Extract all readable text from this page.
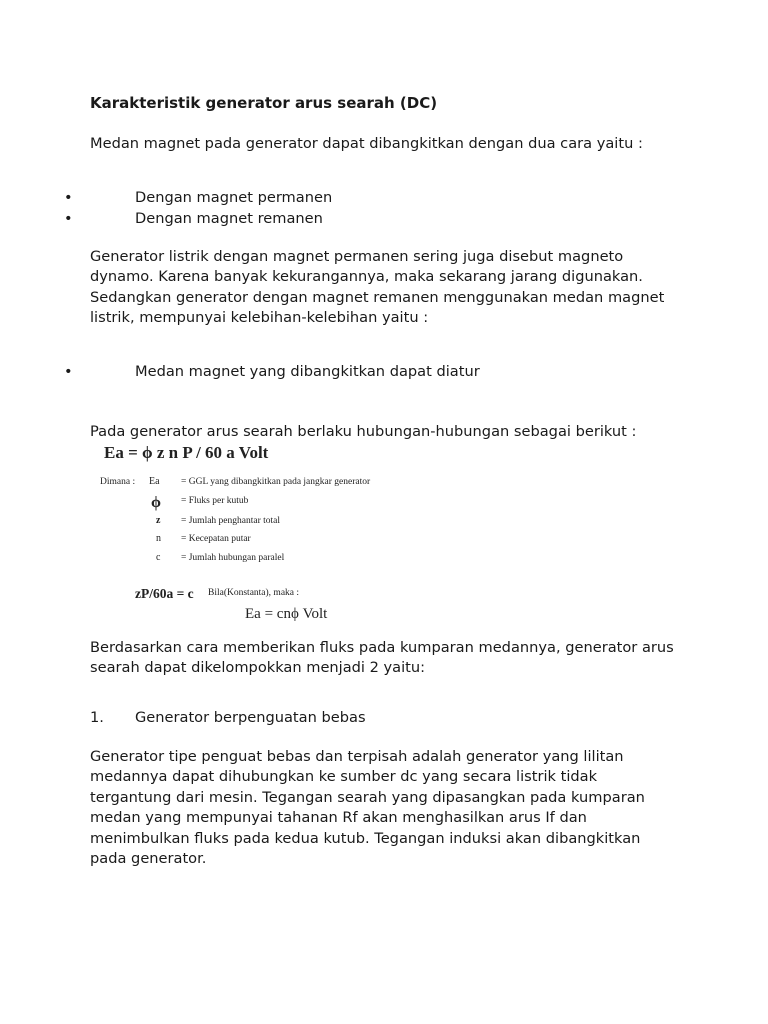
Karakteristik generator arus searah (DC)

Medan magnet pada generator dapat dibangkitkan dengan dua cara yaitu :

•	Dengan magnet permanen
•	Dengan magnet remanen

Generator listrik dengan magnet permanen sering juga disebut magneto dynamo. Karena banyak kekurangannya, maka sekarang jarang digunakan. Sedangkan generator dengan magnet remanen menggunakan medan magnet listrik, mempunyai kelebihan-kelebihan yaitu :

•	Medan magnet yang dibangkitkan dapat diatur

Pada generator arus searah berlaku hubungan-hubungan sebagai berikut :

Ea = ϕ z n P / 60 a Volt
Dimana : Ea = GGL yang dibangkitkan pada jangkar generator
ϕ = Fluks per kutub
z = Jumlah penghantar total
n = Kecepatan putar
c = Jumlah hubungan paralel
zP/60a = c Bila(Konstanta), maka :
Ea = cnϕ Volt

Berdasarkan cara memberikan fluks pada kumparan medannya, generator arus searah dapat dikelompokkan menjadi 2 yaitu:

1. Generator berpenguatan bebas

Generator tipe penguat bebas dan terpisah adalah generator yang lilitan medannya dapat dihubungkan ke sumber dc yang secara listrik tidak tergantung dari mesin. Tegangan searah yang dipasangkan pada kumparan medan yang mempunyai tahanan Rf akan menghasilkan arus If dan menimbulkan fluks pada kedua kutub. Tegangan induksi akan dibangkitkan pada generator.
